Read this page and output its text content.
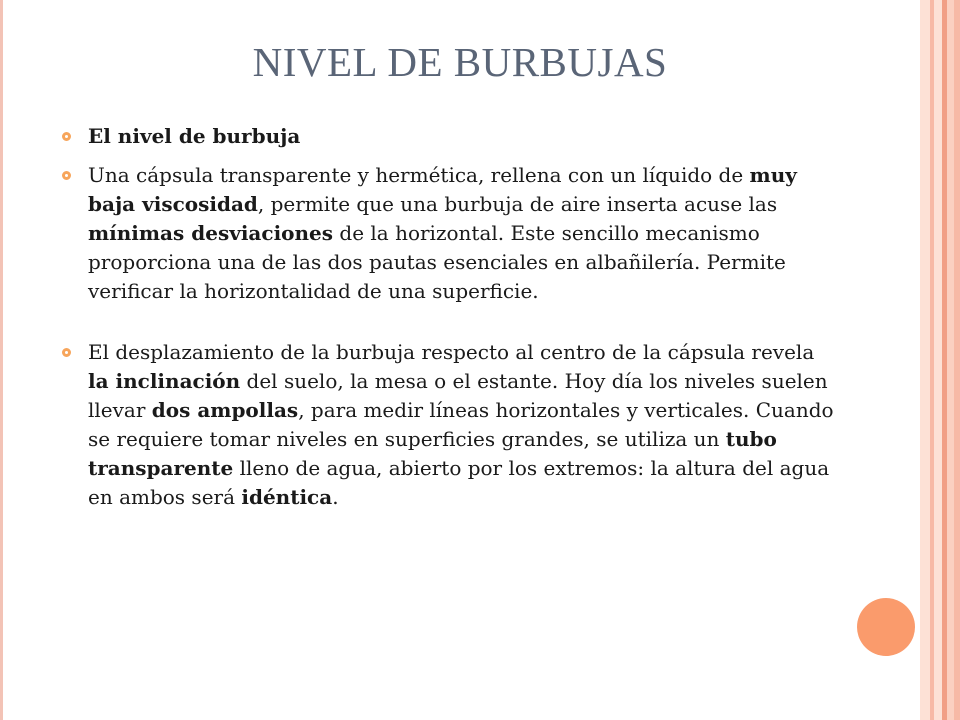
NIVEL DE BURBUJAS
El nivel de burbuja
Una cápsula transparente y hermética, rellena con un líquido de muy baja viscosidad, permite que una burbuja de aire inserta acuse las mínimas desviaciones de la horizontal. Este sencillo mecanismo proporciona una de las dos pautas esenciales en albañilería. Permite verificar la horizontalidad de una superficie.
El desplazamiento de la burbuja respecto al centro de la cápsula revela la inclinación del suelo, la mesa o el estante. Hoy día los niveles suelen llevar dos ampollas, para medir líneas horizontales y verticales. Cuando se requiere tomar niveles en superficies grandes, se utiliza un tubo transparente lleno de agua, abierto por los extremos: la altura del agua en ambos será idéntica.
